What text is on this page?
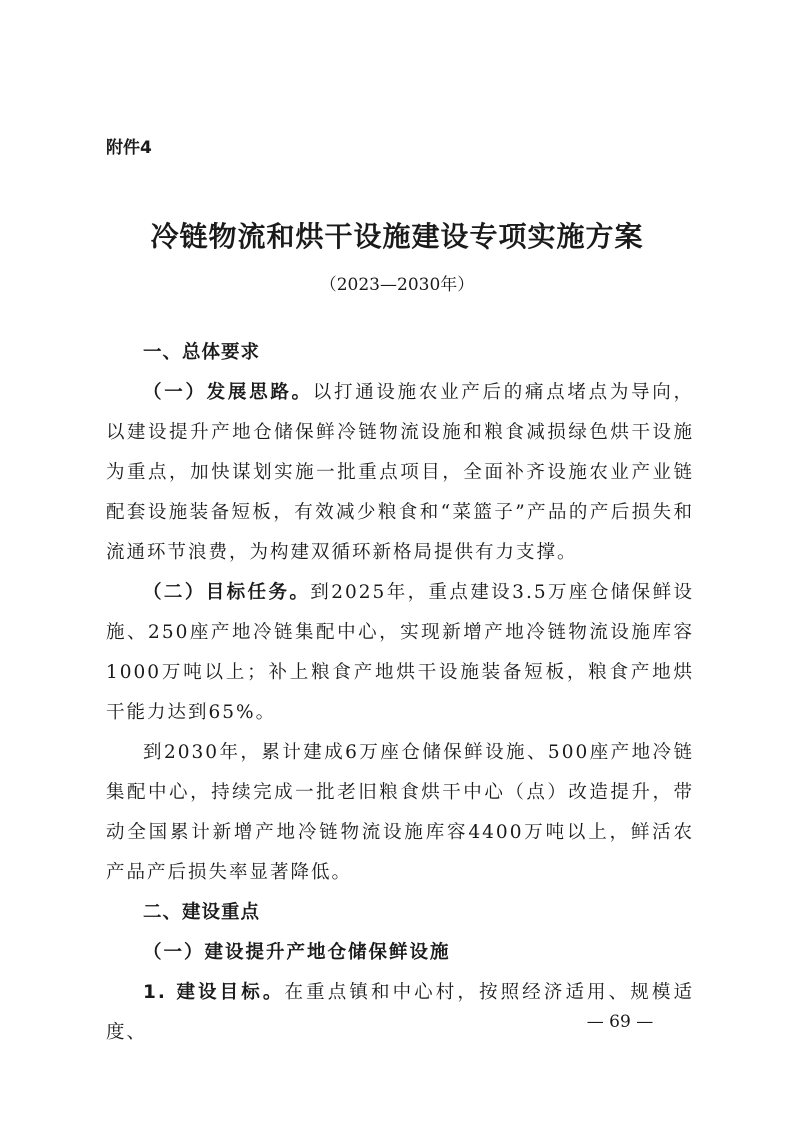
附件4
冷链物流和烘干设施建设专项实施方案
（2023—2030年）

一、总体要求

（一）发展思路。以打通设施农业产后的痛点堵点为导向，以建设提升产地仓储保鲜冷链物流设施和粮食减损绿色烘干设施为重点，加快谋划实施一批重点项目，全面补齐设施农业产业链配套设施装备短板，有效减少粮食和“菜篮子”产品的产后损失和流通环节浪费，为构建双循环新格局提供有力支撑。

（二）目标任务。到2025年，重点建设3.5万座仓储保鲜设施、250座产地冷链集配中心，实现新增产地冷链物流设施库容1000万吨以上；补上粮食产地烘干设施装备短板，粮食产地烘干能力达到65%。

到2030年，累计建成6万座仓储保鲜设施、500座产地冷链集配中心，持续完成一批老旧粮食烘干中心（点）改造提升，带动全国累计新增产地冷链物流设施库容4400万吨以上，鲜活农产品产后损失率显著降低。

二、建设重点

（一）建设提升产地仓储保鲜设施

1. 建设目标。在重点镇和中心村，按照经济适用、规模适度、	— 69 —
